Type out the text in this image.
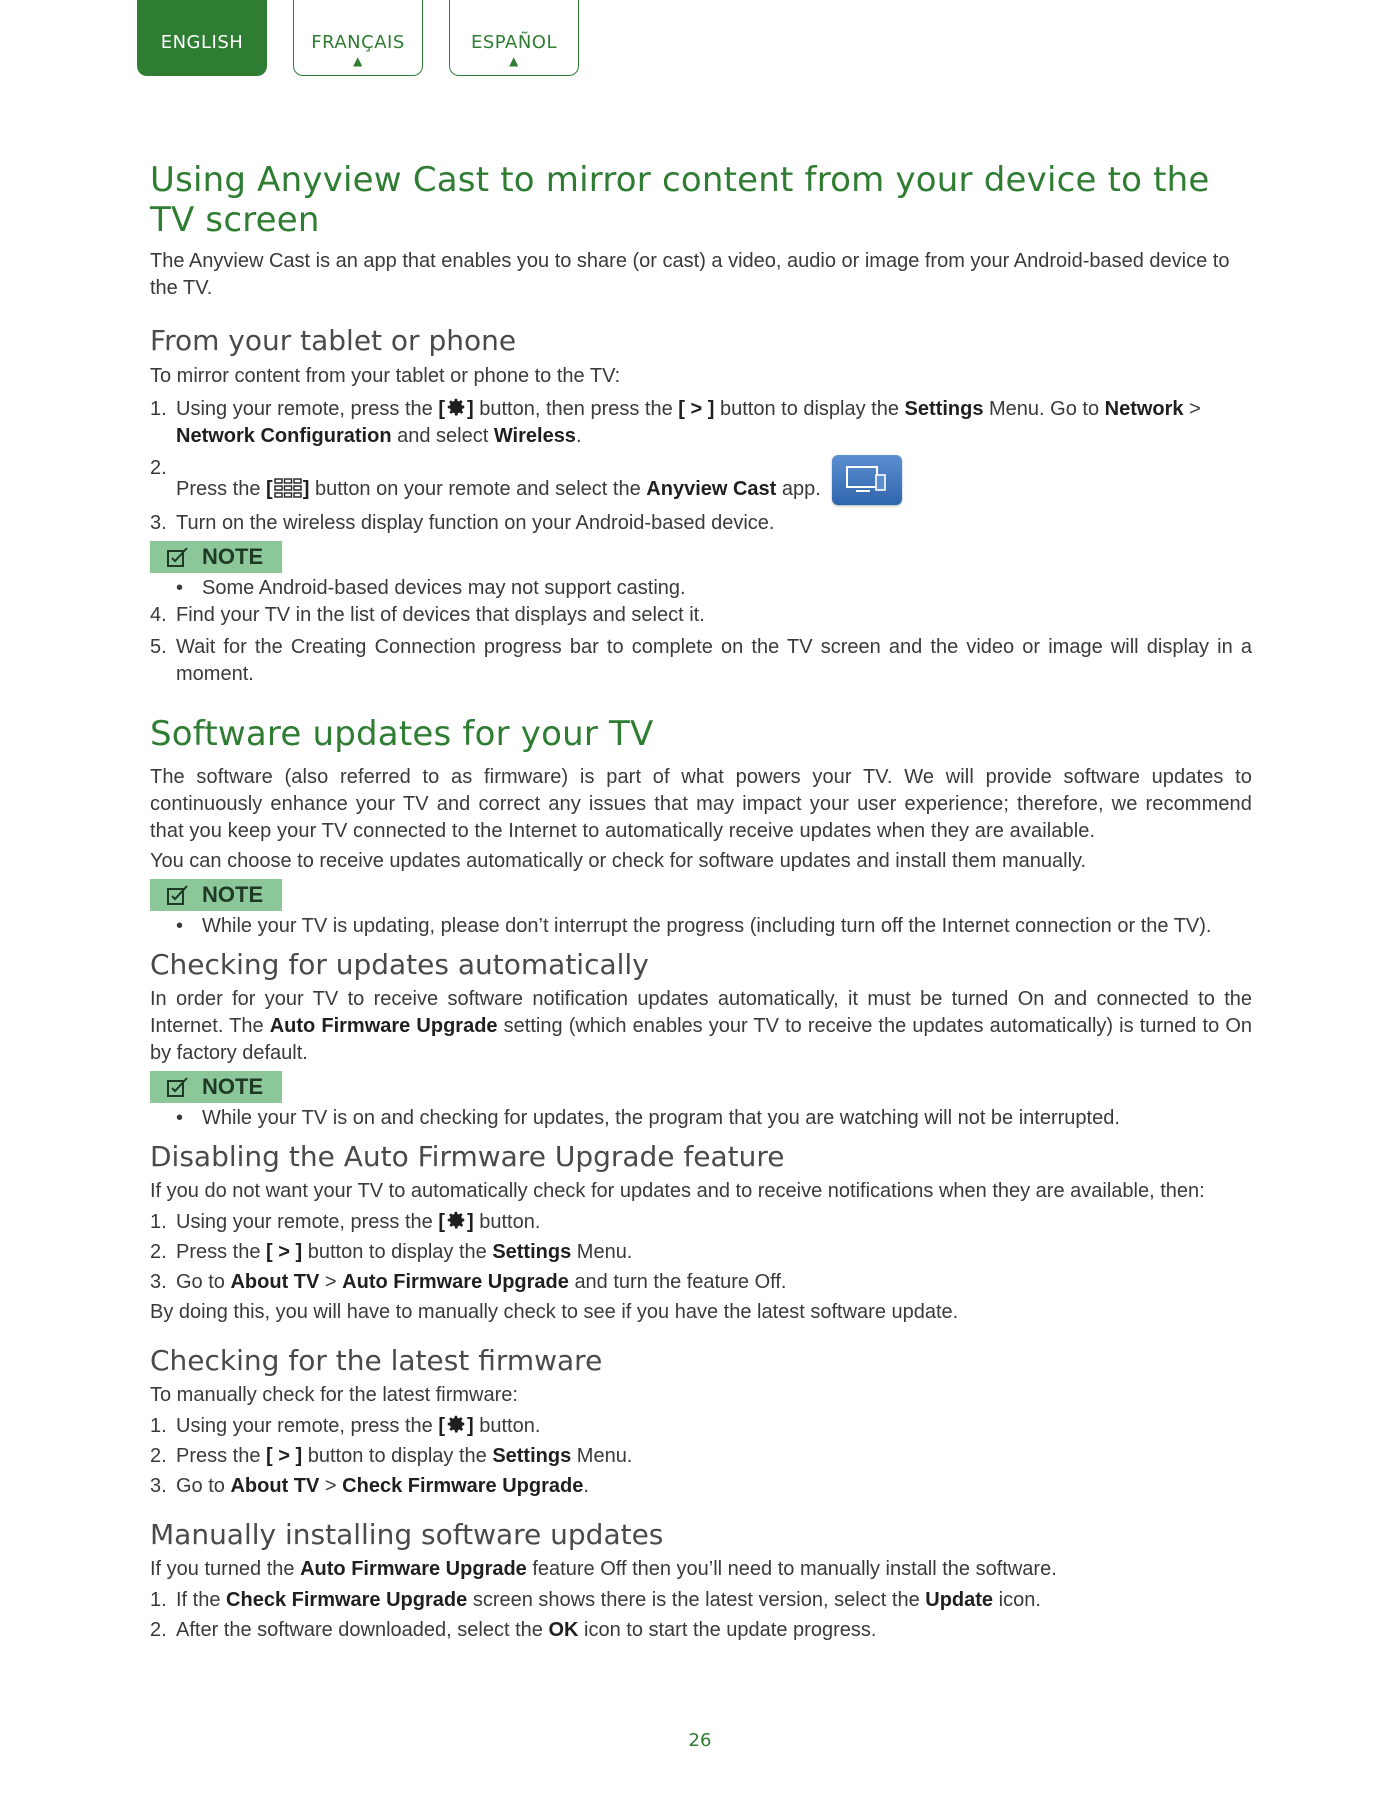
ENGLISH	FRANÇAIS
▲
ESPAÑOL
▲
Using Anyview Cast to mirror content from your device to the TV screen

The Anyview Cast is an app that enables you to share (or cast) a video, audio or image from your Android-based device to the TV.

From your tablet or phone

To mirror content from your tablet or phone to the TV:

1. Using your remote, press the [ ] button, then press the [ > ] button to display the Settings Menu. Go to Network > Network Configuration and select Wireless.
2.
Press the [ ] button on your remote and select the Anyview Cast app.
3. Turn on the wireless display function on your Android-based device.
NOTE
• Some Android-based devices may not support casting.
4. Find your TV in the list of devices that displays and select it.
5. Wait for the Creating Connection progress bar to complete on the TV screen and the video or image will display in a moment.
Software updates for your TV

The software (also referred to as firmware) is part of what powers your TV. We will provide software updates to continuously enhance your TV and correct any issues that may impact your user experience; therefore, we recommend that you keep your TV connected to the Internet to automatically receive updates when they are available.

You can choose to receive updates automatically or check for software updates and install them manually.

NOTE
• While your TV is updating, please don’t interrupt the progress (including turn off the Internet connection or the TV).
Checking for updates automatically

In order for your TV to receive software notification updates automatically, it must be turned On and connected to the Internet. The Auto Firmware Upgrade setting (which enables your TV to receive the updates automatically) is turned to On by factory default.

NOTE
• While your TV is on and checking for updates, the program that you are watching will not be interrupted.
Disabling the Auto Firmware Upgrade feature

If you do not want your TV to automatically check for updates and to receive notifications when they are available, then:

1. Using your remote, press the [ ] button.
2. Press the [ > ] button to display the Settings Menu.
3. Go to About TV > Auto Firmware Upgrade and turn the feature Off.

By doing this, you will have to manually check to see if you have the latest software update.

Checking for the latest firmware

To manually check for the latest firmware:

1. Using your remote, press the [ ] button.
2. Press the [ > ] button to display the Settings Menu.
3. Go to About TV > Check Firmware Upgrade.
Manually installing software updates

If you turned the Auto Firmware Upgrade feature Off then you’ll need to manually install the software.

1. If the Check Firmware Upgrade screen shows there is the latest version, select the Update icon.
2. After the software downloaded, select the OK icon to start the update progress.
26
